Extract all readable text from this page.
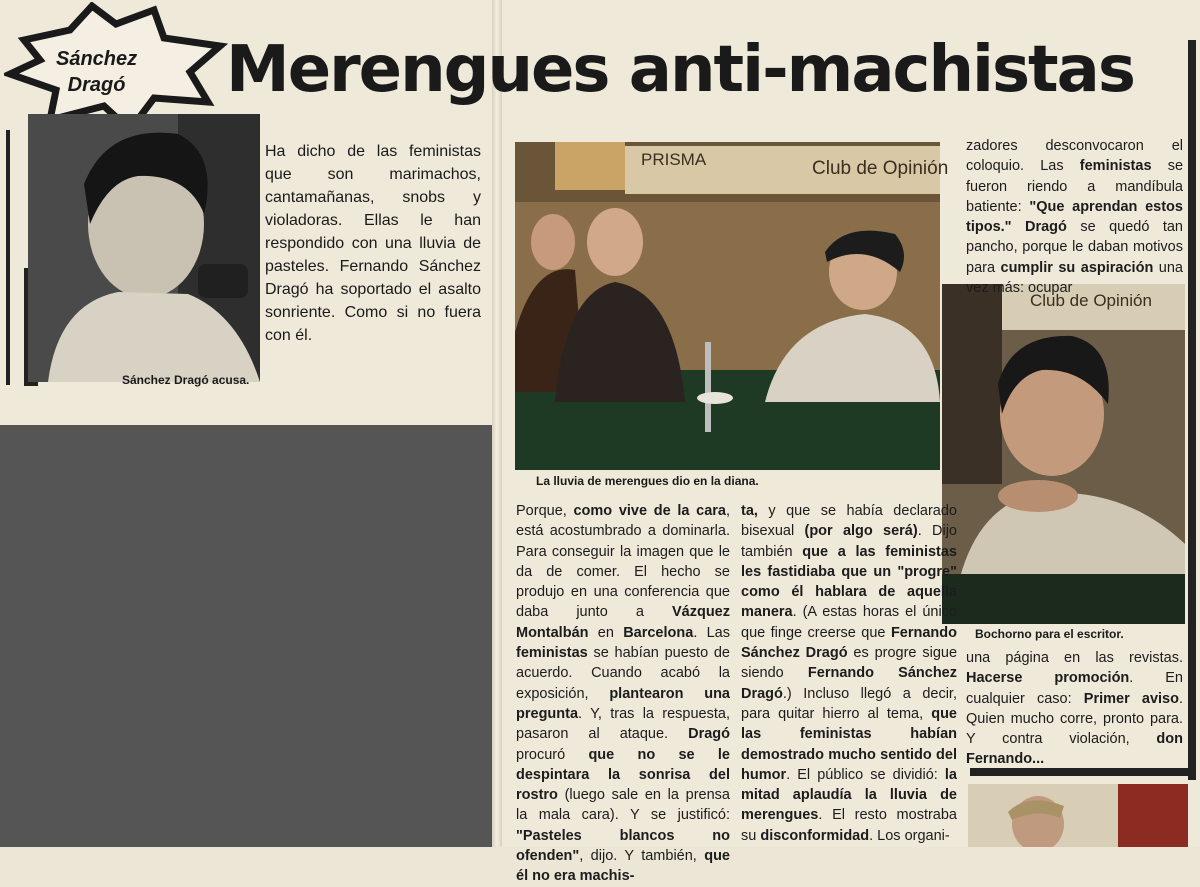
Sánchez
Dragó Merengues anti-machistas
Sánchez Dragó acusa.

Ha dicho de las feministas que son marimachos, cantamañanas, snobs y violadoras. Ellas le han respondido con una lluvia de pasteles. Fernando Sánchez Dragó ha soportado el asalto sonriente. Como si no fuera con él.

PRISMA	Club de Opinión
La lluvia de merengues dio en la diana.
Club de Opinión
Bochorno para el escritor.
zadores desconvocaron el coloquio. Las feministas se fueron riendo a mandíbula batiente: "Que aprendan estos tipos." Dragó se quedó tan pancho, porque le daban motivos para cumplir su aspiración una vez más: ocupar
Porque, como vive de la cara, está acostumbrado a dominarla. Para conseguir la imagen que le da de comer. El hecho se produjo en una conferencia que daba junto a Vázquez Montalbán en Barcelona. Las feministas se habían puesto de acuerdo. Cuando acabó la exposición, plantearon una pregunta. Y, tras la respuesta, pasaron al ataque. Dragó procuró que no se le despintara la sonrisa del rostro (luego sale en la prensa la mala cara). Y se justificó: "Pasteles blancos no ofenden", dijo. Y también, que él no era machis-
ta, y que se había declarado bisexual (por algo será). Dijo también que a las feministas les fastidiaba que un "progre" como él hablara de aquella manera. (A estas horas el único que finge creerse que Fernando Sánchez Dragó es progre sigue siendo Fernando Sánchez Dragó.) Incluso llegó a decir, para quitar hierro al tema, que las feministas habían demostrado mucho sentido del humor. El público se dividió: la mitad aplaudía la lluvia de merengues. El resto mostraba su disconformidad. Los organi-
una página en las revistas. Hacerse promoción. En cualquier caso: Primer aviso. Quien mucho corre, pronto para. Y contra violación, don Fernando...
